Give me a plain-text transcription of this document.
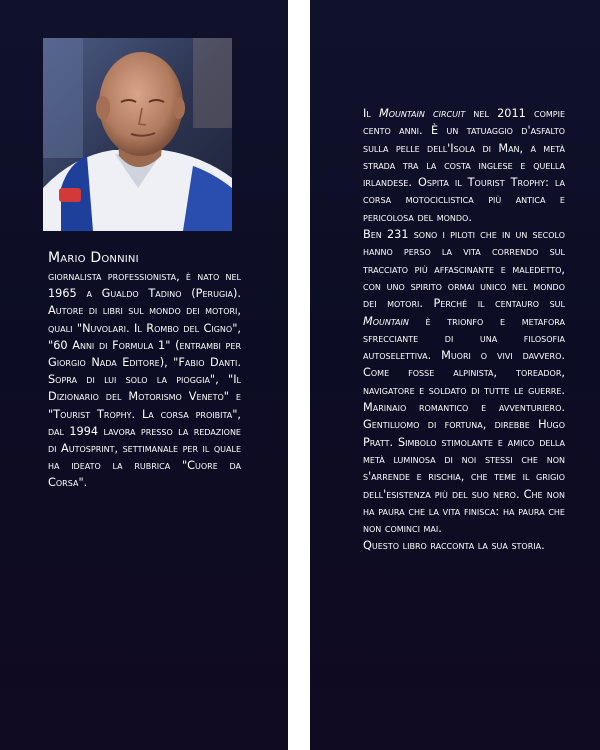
Mario Donnini

giornalista professionista, è nato nel 1965 a Gualdo Tadino (Perugia). Autore di libri sul mondo dei motori, quali "Nuvolari. Il Rombo del Cigno", "60 Anni di Formula 1" (entrambi per Giorgio Nada Editore), "Fabio Danti. Sopra di lui solo la pioggia", "Il Dizionario del Motorismo Veneto" e "Tourist Trophy. La corsa proibita", dal 1994 lavora presso la redazione di Autosprint, settimanale per il quale ha ideato la rubrica "Cuore da Corsa".

Il Mountain circuit nel 2011 compie cento anni. È un tatuaggio d'asfalto sulla pelle dell'Isola di Man, a metà strada tra la costa inglese e quella irlandese. Ospita il Tourist Trophy: la corsa motociclistica più antica e pericolosa del mondo.

Ben 231 sono i piloti che in un secolo hanno perso la vita correndo sul tracciato più affascinante e maledetto, con uno spirito ormai unico nel mondo dei motori. Perché il centauro sul Mountain è trionfo e metafora sfrecciante di una filosofia autoselettiva. Muori o vivi davvero. Come fosse alpinista, toreador, navigatore e soldato di tutte le guerre. Marinaio romantico e avventuriero. Gentiluomo di fortuna, direbbe Hugo Pratt. Simbolo stimolante e amico della metà luminosa di noi stessi che non s'arrende e rischia, che teme il grigio dell'esistenza più del suo nero. Che non ha paura che la vita finisca: ha paura che non cominci mai.

Questo libro racconta la sua storia.
